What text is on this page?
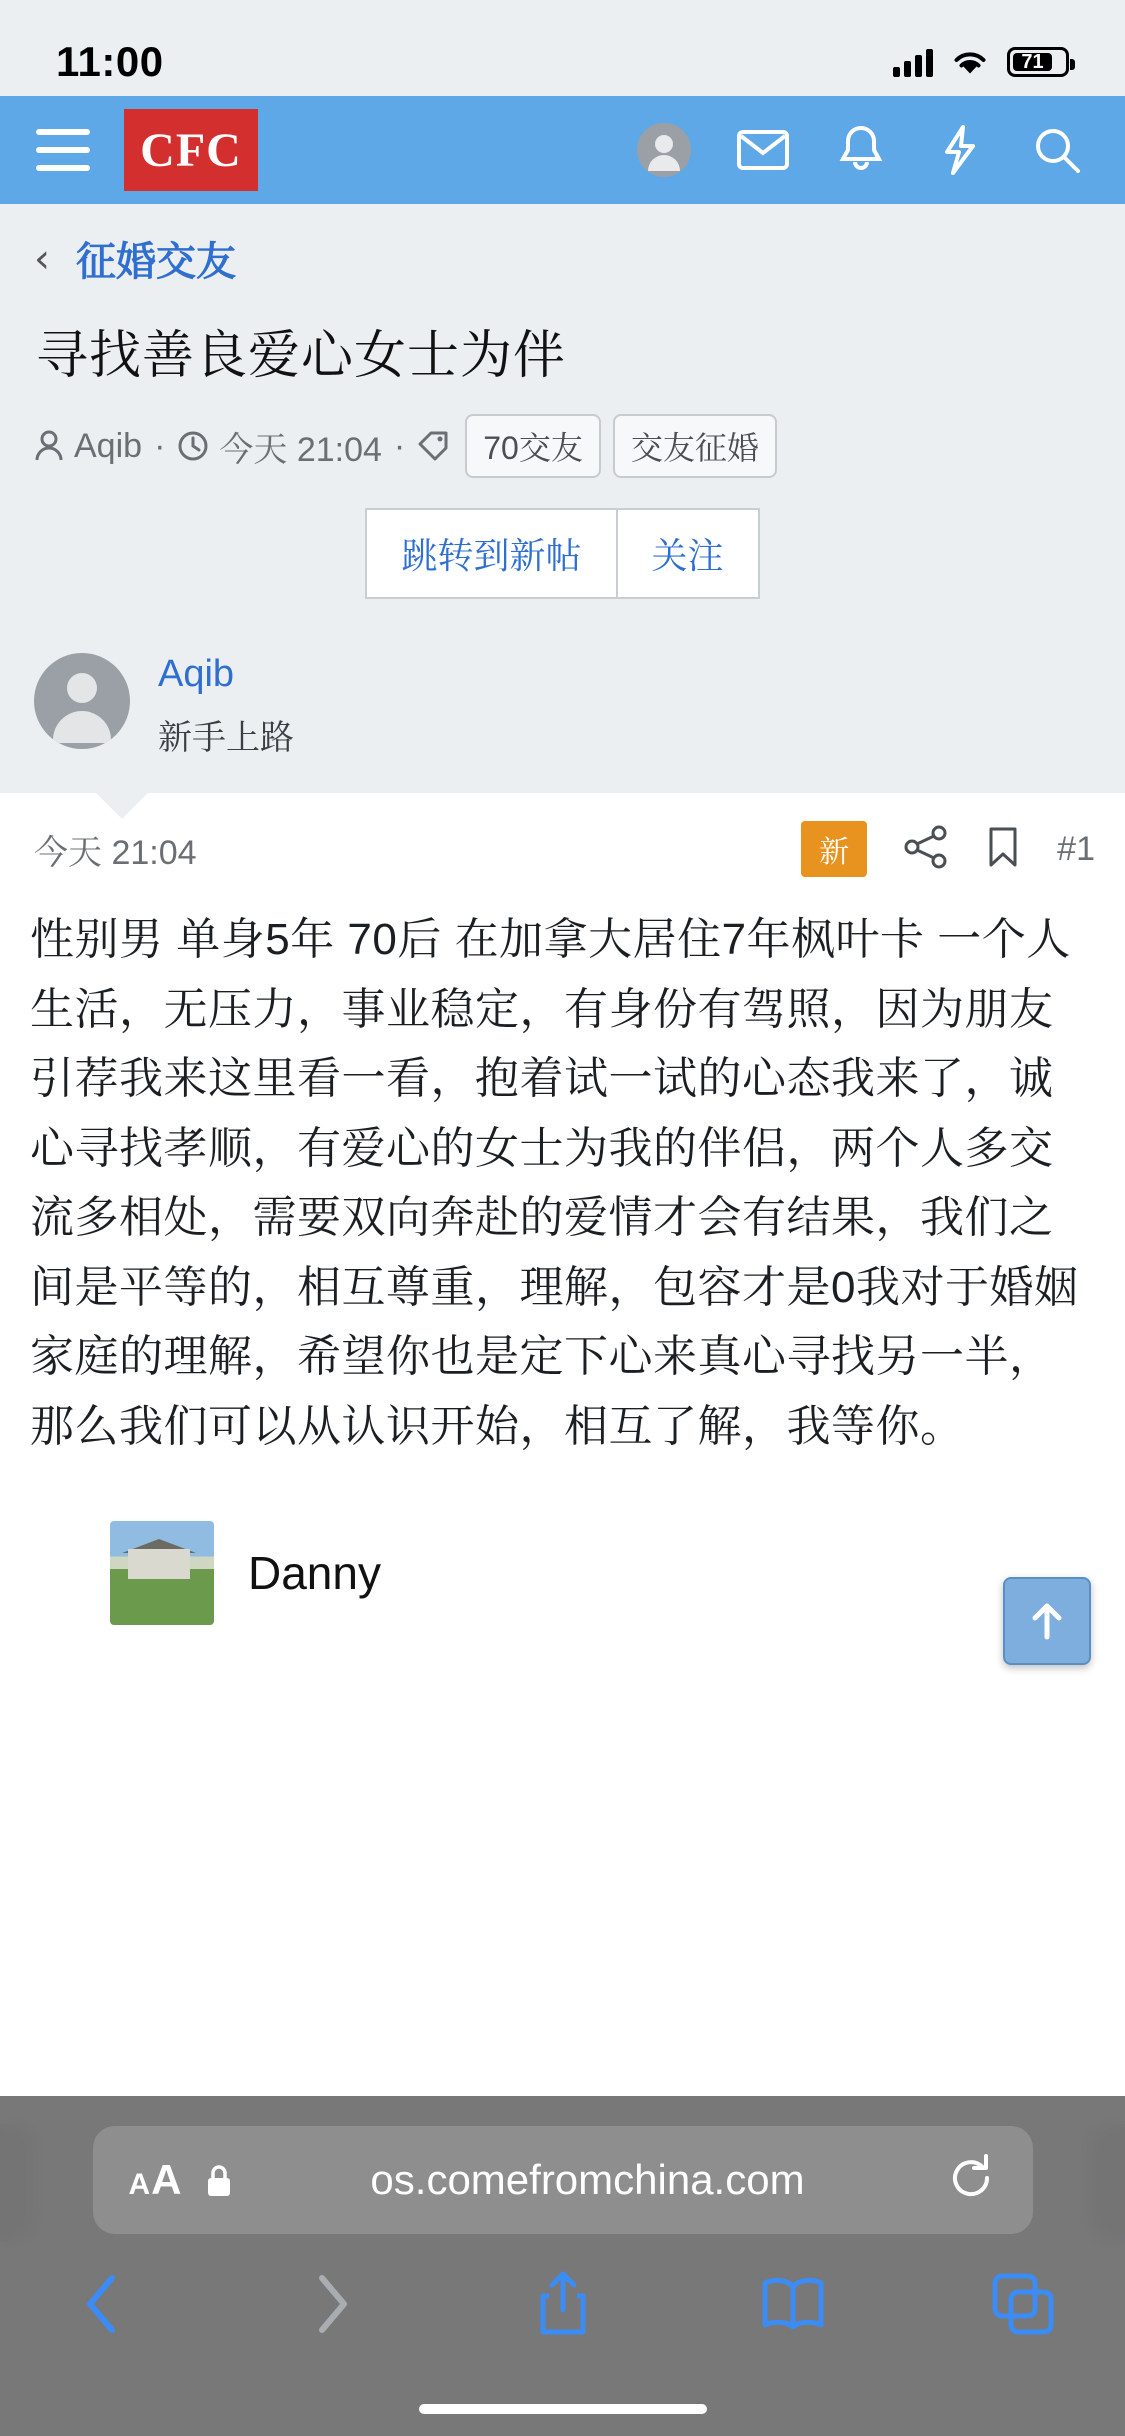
11:00	71
CFC
‹ 征婚交友
寻找善良爱心女士为伴
Aqib · 今天 21:04 ·	70交友	交友征婚
跳转到新帖	关注
Aqib
新手上路
今天 21:04	新	#1
性别男 单身5年 70后 在加拿大居住7年枫叶卡 一个人生活，无压力，事业稳定，有身份有驾照，因为朋友引荐我来这里看一看，抱着试一试的心态我来了，诚心寻找孝顺，有爱心的女士为我的伴侣，两个人多交流多相处，需要双向奔赴的爱情才会有结果，我们之间是平等的，相互尊重，理解，包容才是0我对于婚姻家庭的理解，希望你也是定下心来真心寻找另一半，那么我们可以从认识开始，相互了解，我等你。
Danny
A A	os.comefromchina.com
